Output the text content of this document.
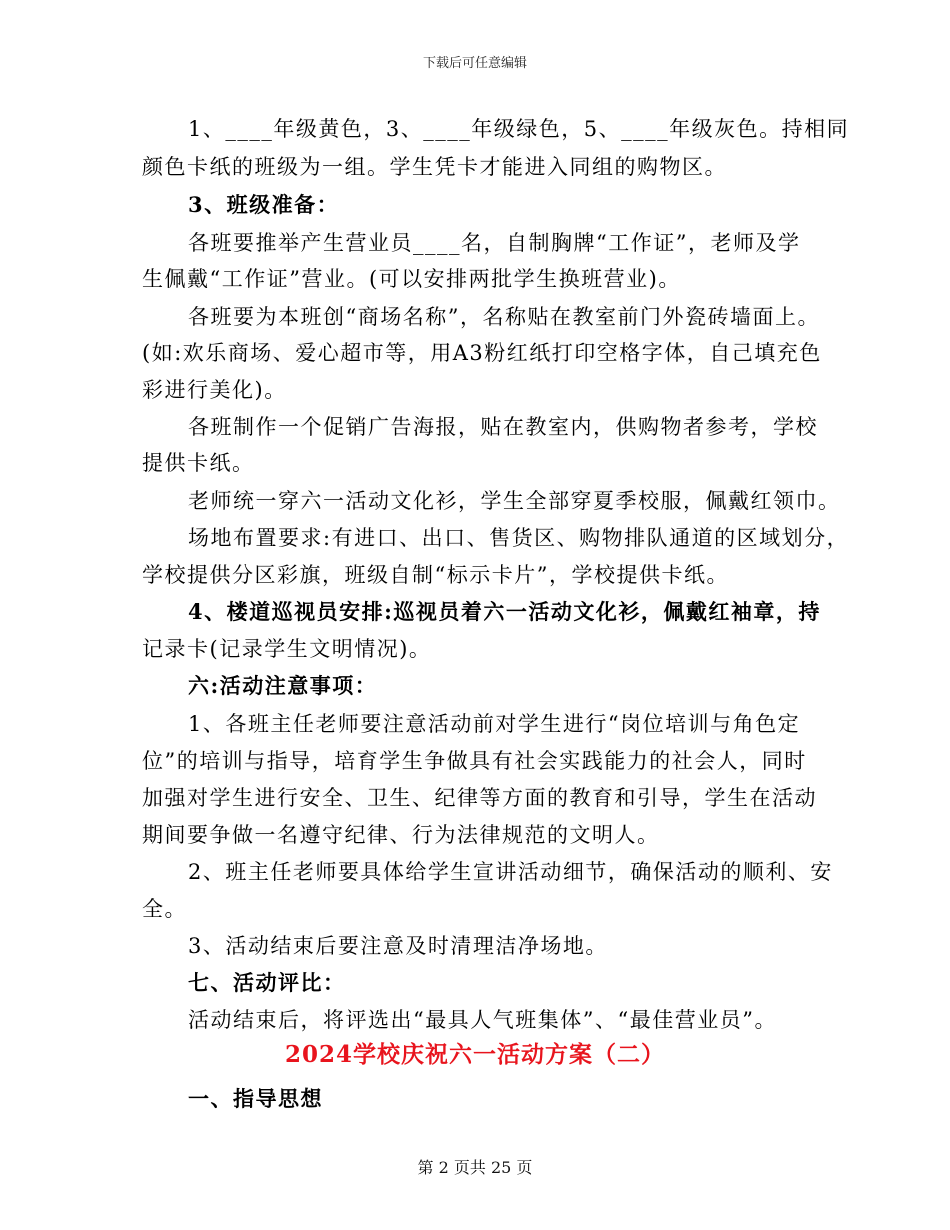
下载后可任意编辑
1、____年级黄色，3、____年级绿色，5、____年级灰色。持相同
颜色卡纸的班级为一组。学生凭卡才能进入同组的购物区。
3、班级准备：
各班要推举产生营业员____名，自制胸牌“工作证”，老师及学
生佩戴“工作证”营业。(可以安排两批学生换班营业)。
各班要为本班创“商场名称”，名称贴在教室前门外瓷砖墙面上。
(如:欢乐商场、爱心超市等，用A3粉红纸打印空格字体，自己填充色
彩进行美化)。
各班制作一个促销广告海报，贴在教室内，供购物者参考，学校
提供卡纸。
老师统一穿六一活动文化衫，学生全部穿夏季校服，佩戴红领巾。
场地布置要求:有进口、出口、售货区、购物排队通道的区域划分，
学校提供分区彩旗，班级自制“标示卡片”，学校提供卡纸。
4、楼道巡视员安排:巡视员着六一活动文化衫，佩戴红袖章，持
记录卡(记录学生文明情况)。
六:活动注意事项：
1、各班主任老师要注意活动前对学生进行“岗位培训与角色定
位”的培训与指导，培育学生争做具有社会实践能力的社会人，同时
加强对学生进行安全、卫生、纪律等方面的教育和引导，学生在活动
期间要争做一名遵守纪律、行为法律规范的文明人。
2、班主任老师要具体给学生宣讲活动细节，确保活动的顺利、安
全。
3、活动结束后要注意及时清理洁净场地。
七、活动评比：
活动结束后，将评选出“最具人气班集体”、“最佳营业员”。
2024学校庆祝六一活动方案（二）
一、指导思想
第 2 页共 25 页
